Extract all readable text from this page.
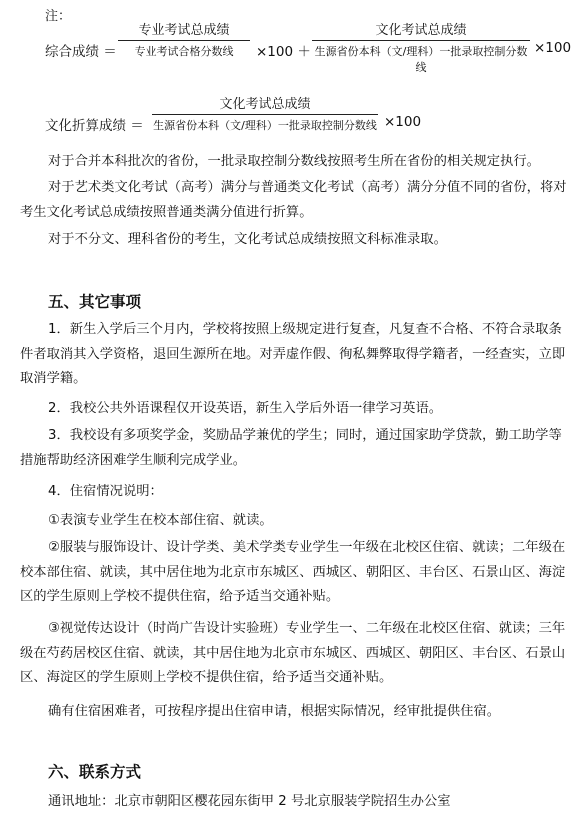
注：
综合成绩 ＝
专业考试总成绩
专业考试合格分数线	×100 ＋
文化考试总成绩
生源省份本科（文/理科）一批录取控制分数线
×100
文化折算成绩 ＝
文化考试总成绩
生源省份本科（文/理科）一批录取控制分数线 ×100

对于合并本科批次的省份，一批录取控制分数线按照考生所在省份的相关规定执行。

对于艺术类文化考试（高考）满分与普通类文化考试（高考）满分分值不同的省份，将对考生文化考试总成绩按照普通类满分值进行折算。

对于不分文、理科省份的考生，文化考试总成绩按照文科标准录取。

五、其它事项

1．新生入学后三个月内，学校将按照上级规定进行复查，凡复查不合格、不符合录取条件者取消其入学资格，退回生源所在地。对弄虚作假、徇私舞弊取得学籍者，一经查实，立即取消学籍。

2．我校公共外语课程仅开设英语，新生入学后外语一律学习英语。

3．我校设有多项奖学金，奖励品学兼优的学生；同时，通过国家助学贷款，勤工助学等措施帮助经济困难学生顺利完成学业。

4．住宿情况说明：

①表演专业学生在校本部住宿、就读。

②服装与服饰设计、设计学类、美术学类专业学生一年级在北校区住宿、就读；二年级在校本部住宿、就读，其中居住地为北京市东城区、西城区、朝阳区、丰台区、石景山区、海淀区的学生原则上学校不提供住宿，给予适当交通补贴。

③视觉传达设计（时尚广告设计实验班）专业学生一、二年级在北校区住宿、就读；三年级在芍药居校区住宿、就读，其中居住地为北京市东城区、西城区、朝阳区、丰台区、石景山区、海淀区的学生原则上学校不提供住宿，给予适当交通补贴。

确有住宿困难者，可按程序提出住宿申请，根据实际情况，经审批提供住宿。

六、联系方式

通讯地址：北京市朝阳区樱花园东街甲 2 号北京服装学院招生办公室
